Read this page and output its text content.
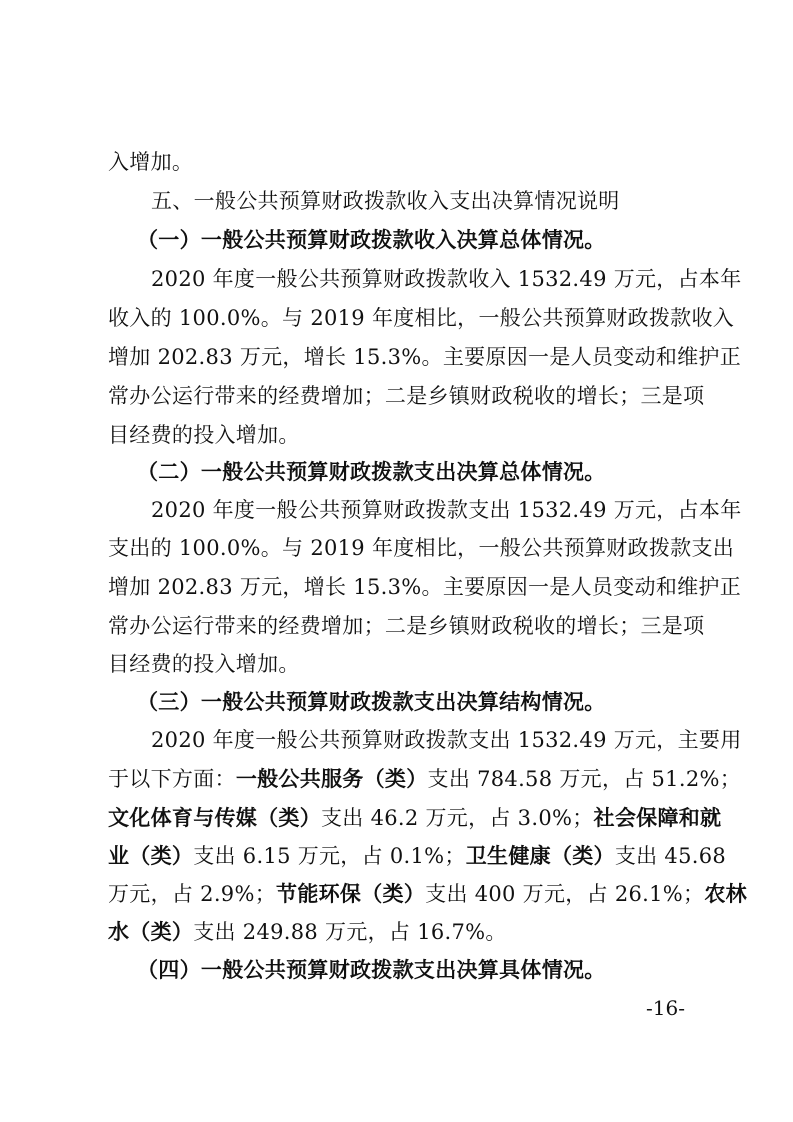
入增加。
五、一般公共预算财政拨款收入支出决算情况说明
（一）一般公共预算财政拨款收入决算总体情况。
2020 年度一般公共预算财政拨款收入 1532.49 万元，占本年
收入的 100.0%。与 2019 年度相比，一般公共预算财政拨款收入
增加 202.83 万元，增长 15.3%。主要原因一是人员变动和维护正
常办公运行带来的经费增加；二是乡镇财政税收的增长；三是项
目经费的投入增加。
（二）一般公共预算财政拨款支出决算总体情况。
2020 年度一般公共预算财政拨款支出 1532.49 万元，占本年
支出的 100.0%。与 2019 年度相比，一般公共预算财政拨款支出
增加 202.83 万元，增长 15.3%。主要原因一是人员变动和维护正
常办公运行带来的经费增加；二是乡镇财政税收的增长；三是项
目经费的投入增加。
（三）一般公共预算财政拨款支出决算结构情况。
2020 年度一般公共预算财政拨款支出 1532.49 万元，主要用
于以下方面：一般公共服务（类）支出 784.58 万元，占 51.2%；
文化体育与传媒（类）支出 46.2 万元，占 3.0%；社会保障和就
业（类）支出 6.15 万元，占 0.1%；卫生健康（类）支出 45.68
万元，占 2.9%；节能环保（类）支出 400 万元，占 26.1%；农林
水（类）支出 249.88 万元，占 16.7%。
（四）一般公共预算财政拨款支出决算具体情况。
-16-
